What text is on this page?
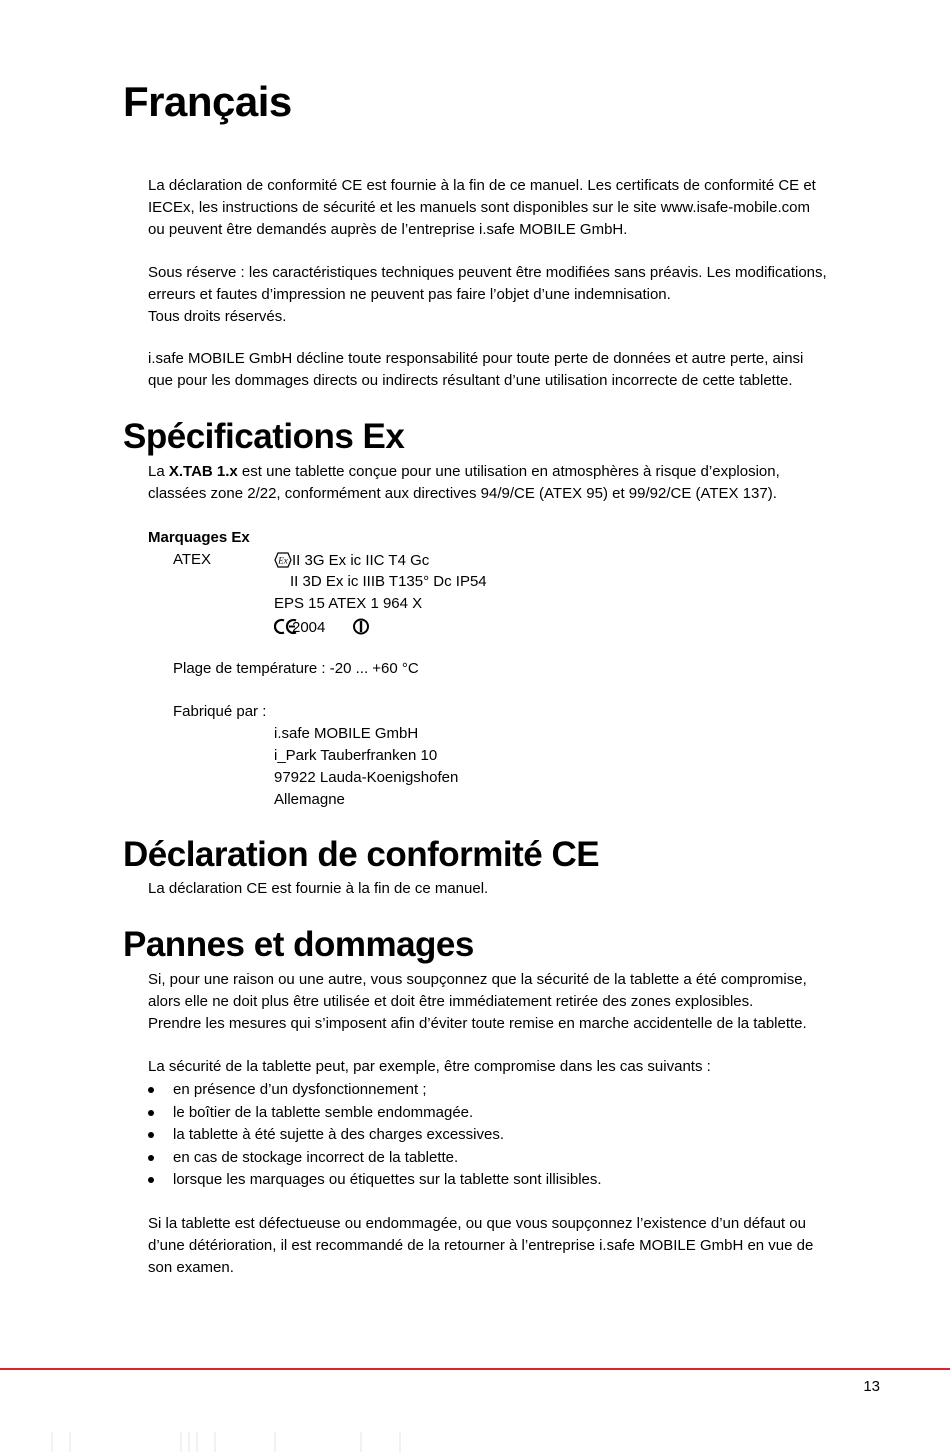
Français
La déclaration de conformité CE est fournie à la fin de ce manuel. Les certificats de conformité CE et
IECEx, les instructions de sécurité et les manuels sont disponibles sur le site www.isafe-mobile.com
ou peuvent être demandés auprès de l’entreprise i.safe MOBILE GmbH.
Sous réserve : les caractéristiques techniques peuvent être modifiées sans préavis. Les modifications,
erreurs et fautes d’impression ne peuvent pas faire l’objet d’une indemnisation.
Tous droits réservés.
i.safe MOBILE GmbH décline toute responsabilité pour toute perte de données et autre perte, ainsi
que pour les dommages directs ou indirects résultant d’une utilisation incorrecte de cette tablette.
Spécifications Ex
La X.TAB 1.x est une tablette conçue pour une utilisation en atmosphères à risque d’explosion,
classées zone 2/22, conformément aux directives 94/9/CE (ATEX 95) et 99/92/CE (ATEX 137).
Marquages Ex
ATEX	Ex II 3G Ex ic IIC T4 Gc
II 3D Ex ic IIIB T135° Dc IP54
EPS 15 ATEX 1 964 X
2004
Plage de température : -20 ... +60 °C
Fabriqué par :
i.safe MOBILE GmbH
i_Park Tauberfranken 10
97922 Lauda-Koenigshofen
Allemagne
Déclaration de conformité CE
La déclaration CE est fournie à la fin de ce manuel.
Pannes et dommages
Si, pour une raison ou une autre, vous soupçonnez que la sécurité de la tablette a été compromise,
alors elle ne doit plus être utilisée et doit être immédiatement retirée des zones explosibles.
Prendre les mesures qui s’imposent afin d’éviter toute remise en marche accidentelle de la tablette.
La sécurité de la tablette peut, par exemple, être compromise dans les cas suivants :
en présence d’un dysfonctionnement ;
le boîtier de la tablette semble endommagée.
la tablette à été sujette à des charges excessives.
en cas de stockage incorrect de la tablette.
lorsque les marquages ou étiquettes sur la tablette sont illisibles.
Si la tablette est défectueuse ou endommagée, ou que vous soupçonnez l’existence d’un défaut ou
d’une détérioration, il est recommandé de la retourner à l’entreprise i.safe MOBILE GmbH en vue de
son examen.
13
